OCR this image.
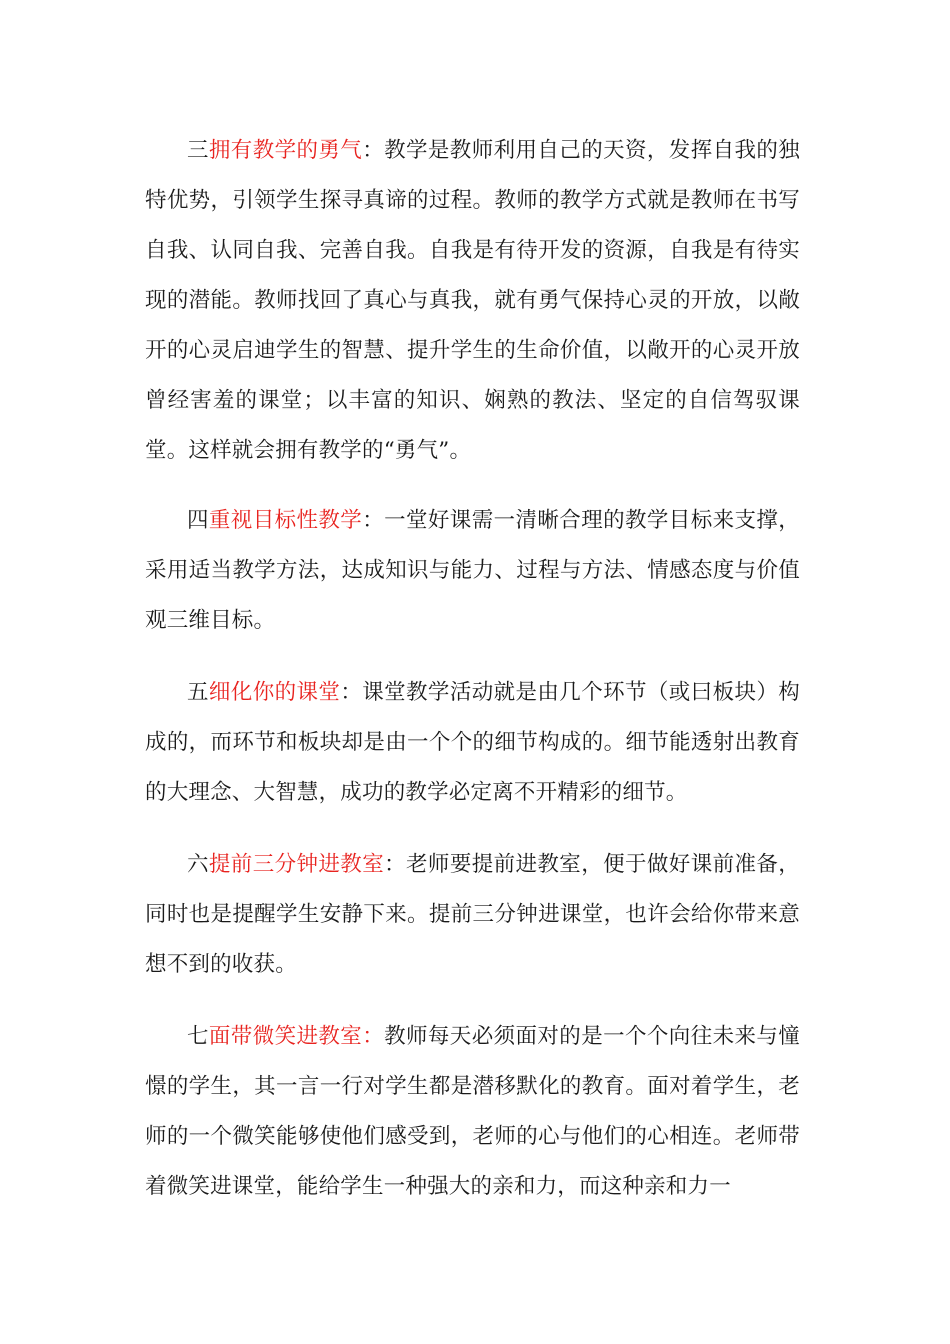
三拥有教学的勇气：教学是教师利用自己的天资，发挥自我的独特优势，引领学生探寻真谛的过程。教师的教学方式就是教师在书写自我、认同自我、完善自我。自我是有待开发的资源，自我是有待实现的潜能。教师找回了真心与真我，就有勇气保持心灵的开放，以敞开的心灵启迪学生的智慧、提升学生的生命价值，以敞开的心灵开放曾经害羞的课堂；以丰富的知识、娴熟的教法、坚定的自信驾驭课堂。这样就会拥有教学的“勇气”。

四重视目标性教学：一堂好课需一清晰合理的教学目标来支撑，采用适当教学方法，达成知识与能力、过程与方法、情感态度与价值观三维目标。

五细化你的课堂：课堂教学活动就是由几个环节（或曰板块）构成的，而环节和板块却是由一个个的细节构成的。细节能透射出教育的大理念、大智慧，成功的教学必定离不开精彩的细节。

六提前三分钟进教室：老师要提前进教室，便于做好课前准备，同时也是提醒学生安静下来。提前三分钟进课堂，也许会给你带来意想不到的收获。

七面带微笑进教室：教师每天必须面对的是一个个向往未来与憧憬的学生，其一言一行对学生都是潜移默化的教育。面对着学生，老师的一个微笑能够使他们感受到，老师的心与他们的心相连。老师带着微笑进课堂，能给学生一种强大的亲和力，而这种亲和力一
